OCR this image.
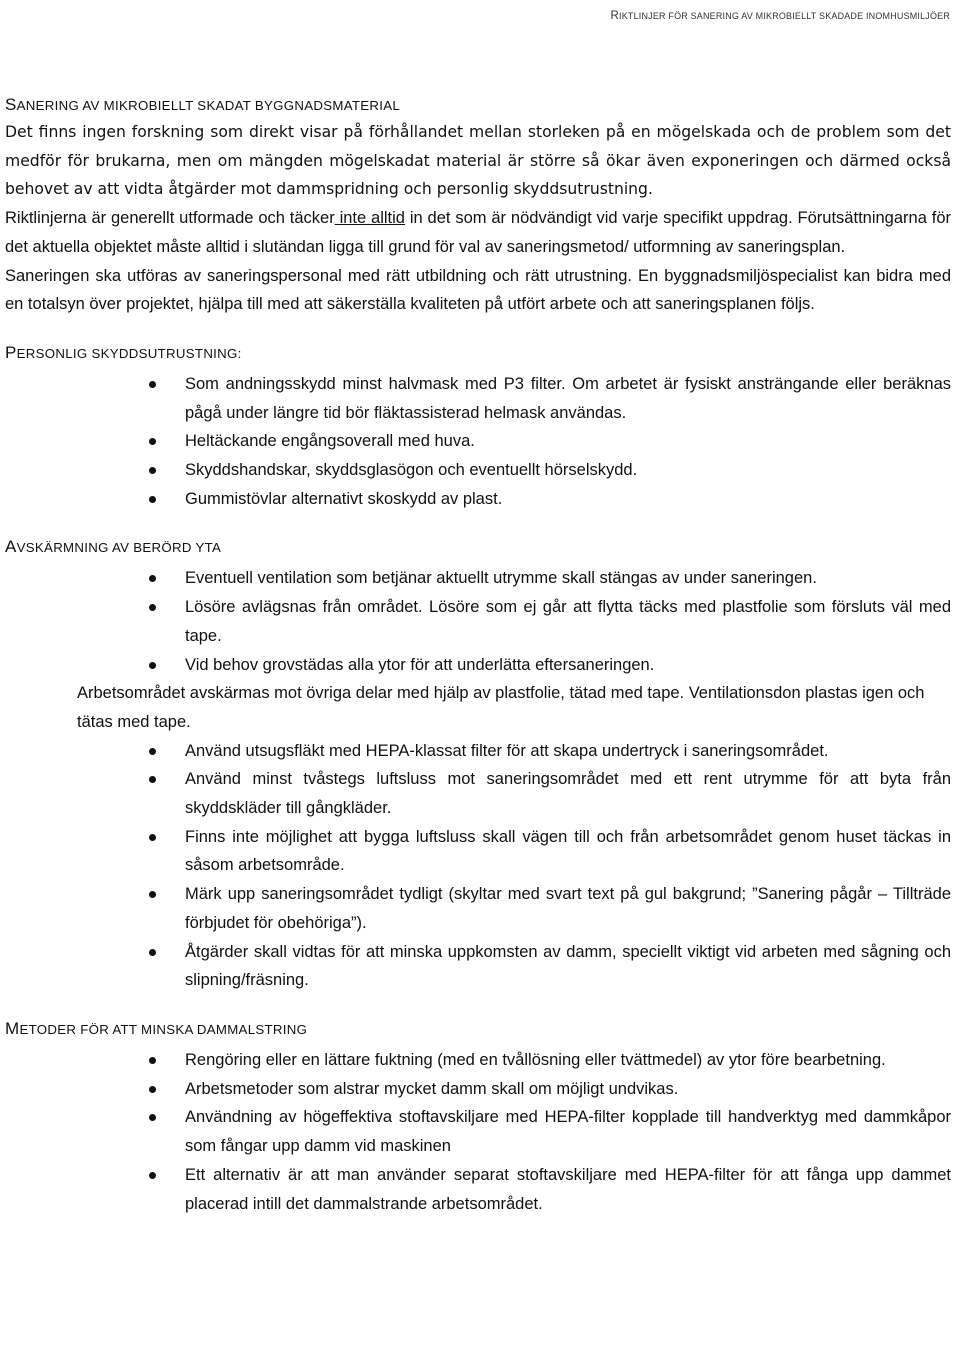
RIKTLINJER FÖR SANERING AV MIKROBIELLT SKADADE INOMHUSMILJÖER
SANERING AV MIKROBIELLT SKADAT BYGGNADSMATERIAL

Det finns ingen forskning som direkt visar på förhållandet mellan storleken på en mögelskada och de problem som det medför för brukarna, men om mängden mögelskadat material är större så ökar även exponeringen och därmed också behovet av att vidta åtgärder mot dammspridning och personlig skyddsutrustning.

Riktlinjerna är generellt utformade och täcker inte alltid in det som är nödvändigt vid varje specifikt uppdrag. Förutsättningarna för det aktuella objektet måste alltid i slutändan ligga till grund för val av saneringsmetod/ utformning av saneringsplan.

Saneringen ska utföras av saneringspersonal med rätt utbildning och rätt utrustning. En byggnadsmiljöspecialist kan bidra med en totalsyn över projektet, hjälpa till med att säkerställa kvaliteten på utfört arbete och att saneringsplanen följs.

PERSONLIG SKYDDSUTRUSTNING:
Som andningsskydd minst halvmask med P3 filter. Om arbetet är fysiskt ansträngande eller beräknas pågå under längre tid bör fläktassisterad helmask användas.
Heltäckande engångsoverall med huva.
Skyddshandskar, skyddsglasögon och eventuellt hörselskydd.
Gummistövlar alternativt skoskydd av plast.
AVSKÄRMNING AV BERÖRD YTA
Eventuell ventilation som betjänar aktuellt utrymme skall stängas av under saneringen.
Lösöre avlägsnas från området. Lösöre som ej går att flytta täcks med plastfolie som försluts väl med tape.
Vid behov grovstädas alla ytor för att underlätta eftersaneringen.

Arbetsområdet avskärmas mot övriga delar med hjälp av plastfolie, tätad med tape. Ventilationsdon plastas igen och tätas med tape.

Använd utsugsfläkt med HEPA-klassat filter för att skapa undertryck i saneringsområdet.
Använd minst tvåstegs luftsluss mot saneringsområdet med ett rent utrymme för att byta från skyddskläder till gångkläder.
Finns inte möjlighet att bygga luftsluss skall vägen till och från arbetsområdet genom huset täckas in såsom arbetsområde.
Märk upp saneringsområdet tydligt (skyltar med svart text på gul bakgrund; ”Sanering pågår – Tillträde förbjudet för obehöriga”).
Åtgärder skall vidtas för att minska uppkomsten av damm, speciellt viktigt vid arbeten med sågning och slipning/fräsning.
METODER FÖR ATT MINSKA DAMMALSTRING
Rengöring eller en lättare fuktning (med en tvållösning eller tvättmedel) av ytor före bearbetning.
Arbetsmetoder som alstrar mycket damm skall om möjligt undvikas.
Användning av högeffektiva stoftavskiljare med HEPA-filter kopplade till handverktyg med dammkåpor som fångar upp damm vid maskinen
Ett alternativ är att man använder separat stoftavskiljare med HEPA-filter för att fånga upp dammet placerad intill det dammalstrande arbetsområdet.
